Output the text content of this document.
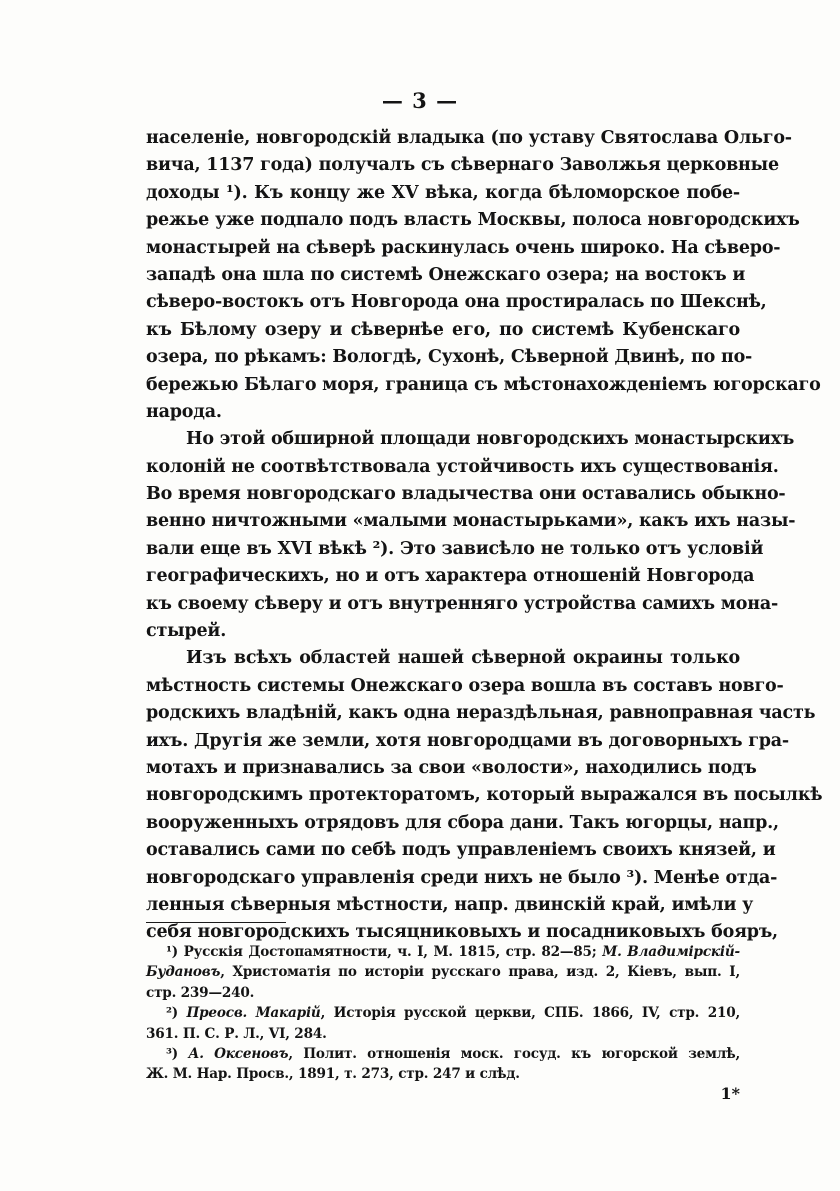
— 3 —
населеніе, новгородскій владыка (по уставу Святослава Ольго-
вича, 1137 года) получалъ съ сѣвернаго Заволжья церковные
доходы ¹). Къ концу же XV вѣка, когда бѣломорское побе-
режье уже подпало подъ власть Москвы, полоса новгородскихъ
монастырей на сѣверѣ раскинулась очень широко. На сѣверо-
западѣ она шла по системѣ Онежскаго озера; на востокъ и
сѣверо-востокъ отъ Новгорода она простиралась по Шекснѣ,
къ Бѣлому озеру и сѣвернѣе его, по системѣ Кубенскаго
озера, по рѣкамъ: Вологдѣ, Сухонѣ, Сѣверной Двинѣ, по по-
бережью Бѣлаго моря, граница съ мѣстонахожденіемъ югорскаго
народа.
Но этой обширной площади новгородскихъ монастырскихъ
колоній не соотвѣтствовала устойчивость ихъ существованія.
Во время новгородскаго владычества они оставались обыкно-
венно ничтожными «малыми монастырьками», какъ ихъ назы-
вали еще въ XVI вѣкѣ ²). Это зависѣло не только отъ условій
географическихъ, но и отъ характера отношеній Новгорода
къ своему сѣверу и отъ внутренняго устройства самихъ мона-
стырей.
Изъ всѣхъ областей нашей сѣверной окраины только
мѣстность системы Онежскаго озера вошла въ составъ новго-
родскихъ владѣній, какъ одна нераздѣльная, равноправная часть
ихъ. Другія же земли, хотя новгородцами въ договорныхъ гра-
мотахъ и признавались за свои «волости», находились подъ
новгородскимъ протекторатомъ, который выражался въ посылкѣ
вооруженныхъ отрядовъ для сбора дани. Такъ югорцы, напр.,
оставались сами по себѣ подъ управленіемъ своихъ князей, и
новгородскаго управленія среди нихъ не было ³). Менѣе отда-
ленныя сѣверныя мѣстности, напр. двинскій край, имѣли у
себя новгородскихъ тысяцниковыхъ и посадниковыхъ бояръ,
¹) Русскія Достопамятности, ч. I, М. 1815, стр. 82—85; М. Владимірскій-
Будановъ, Христоматія по исторіи русскаго права, изд. 2, Кіевъ, вып. I,
стр. 239—240.
²) Преосв. Макарій, Исторія русской церкви, СПБ. 1866, IV, стр. 210,
361. П. С. Р. Л., VI, 284.
³) А. Оксеновъ, Полит. отношенія моск. госуд. къ югорской землѣ,
Ж. М. Нар. Просв., 1891, т. 273, стр. 247 и слѣд.
1*
